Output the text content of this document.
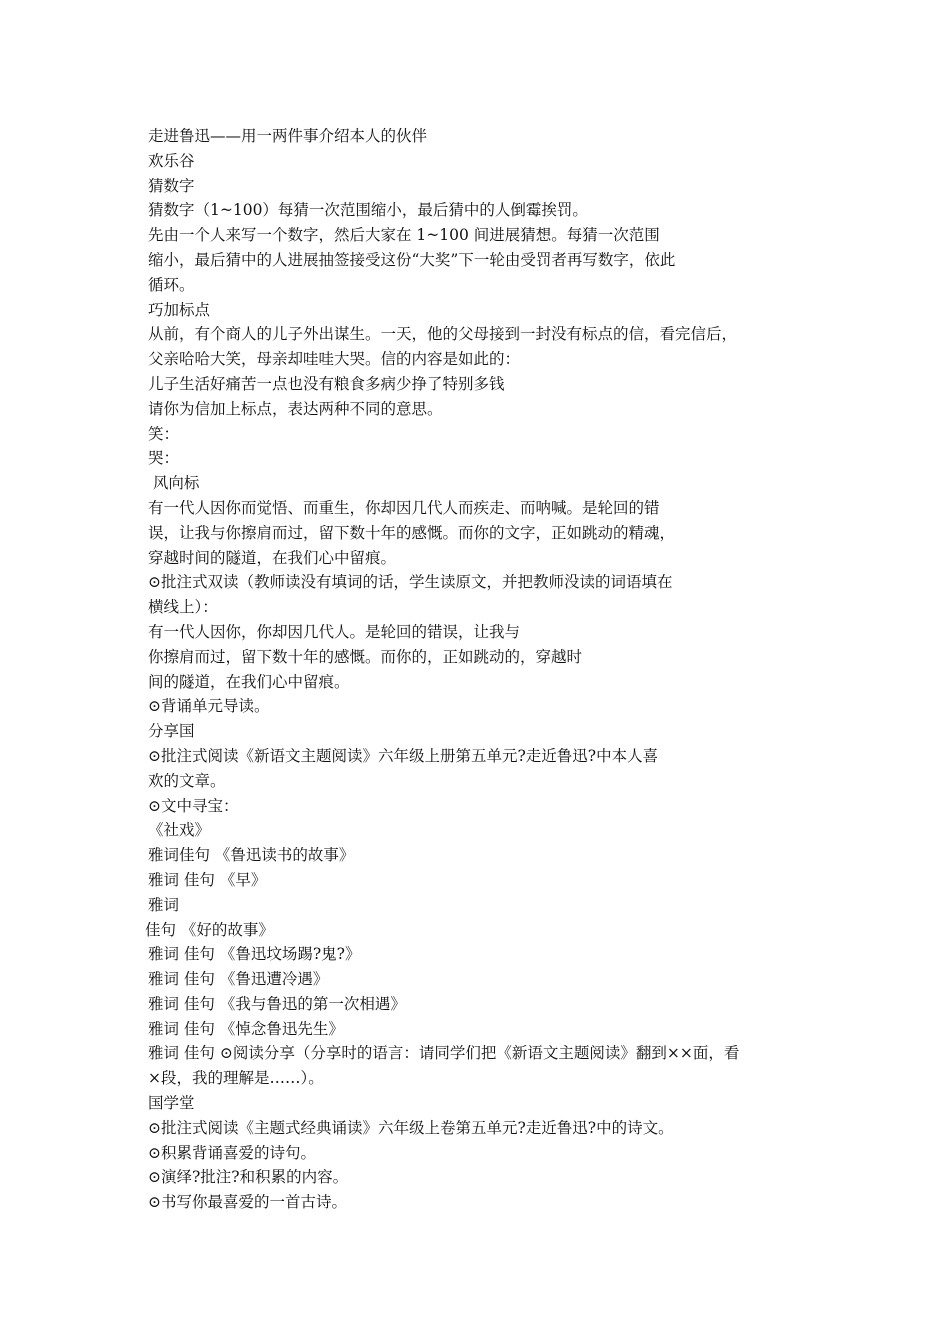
走进鲁迅——用一两件事介绍本人的伙伴
欢乐谷
猜数字
猜数字（1~100）每猜一次范围缩小，最后猜中的人倒霉挨罚。
先由一个人来写一个数字，然后大家在 1~100 间进展猜想。每猜一次范围
缩小，最后猜中的人进展抽签接受这份“大奖”下一轮由受罚者再写数字，依此
循环。
巧加标点
从前，有个商人的儿子外出谋生。一天，他的父母接到一封没有标点的信，看完信后，
父亲哈哈大笑，母亲却哇哇大哭。信的内容是如此的：
儿子生活好痛苦一点也没有粮食多病少挣了特别多钱
请你为信加上标点，表达两种不同的意思。
笑：
哭：
风向标
有一代人因你而觉悟、而重生，你却因几代人而疾走、而呐喊。是轮回的错
误，让我与你擦肩而过，留下数十年的感慨。而你的文字，正如跳动的精魂，
穿越时间的隧道，在我们心中留痕。
⊙批注式双读（教师读没有填词的话，学生读原文，并把教师没读的词语填在
横线上）：
有一代人因你，你却因几代人。是轮回的错误，让我与
你擦肩而过，留下数十年的感慨。而你的，正如跳动的，穿越时
间的隧道，在我们心中留痕。
⊙背诵单元导读。
分享国
⊙批注式阅读《新语文主题阅读》六年级上册第五单元?走近鲁迅?中本人喜
欢的文章。
⊙文中寻宝：
《社戏》
雅词佳句 《鲁迅读书的故事》
雅词 佳句 《早》
雅词
佳句 《好的故事》
雅词 佳句 《鲁迅坟场踢?鬼?》
雅词 佳句 《鲁迅遭冷遇》
雅词 佳句 《我与鲁迅的第一次相遇》
雅词 佳句 《悼念鲁迅先生》
雅词 佳句 ⊙阅读分享（分享时的语言：请同学们把《新语文主题阅读》翻到××面，看
×段，我的理解是……）。
国学堂
⊙批注式阅读《主题式经典诵读》六年级上卷第五单元?走近鲁迅?中的诗文。
⊙积累背诵喜爱的诗句。
⊙演绎?批注?和积累的内容。
⊙书写你最喜爱的一首古诗。
